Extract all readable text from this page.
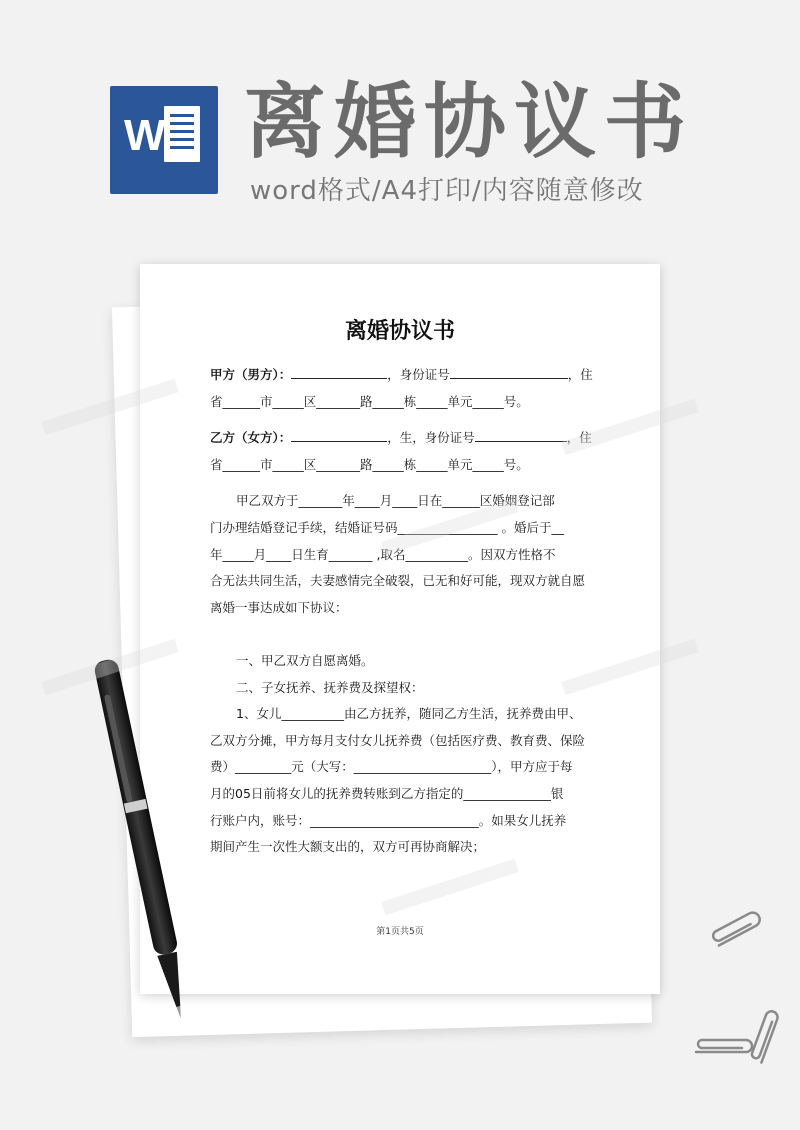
W 离婚协议书
word格式/A4打印/内容随意修改
离婚协议书
甲方（男方）：	，身份证号	，住
省______市_____区_______路_____栋_____单元_____号。
乙方（女方）：	，生，身份证号	，住
省______市_____区_______路_____栋_____单元_____号。
甲乙双方于_______年____月____日在______区婚姻登记部
门办理结婚登记手续，结婚证号码________________ 。婚后于__
年_____月____日生育_______ ,取名__________。因双方性格不
合无法共同生活，夫妻感情完全破裂，已无和好可能，现双方就自愿
离婚一事达成如下协议：
一、甲乙双方自愿离婚。
二、子女抚养、抚养费及探望权：
1、女儿__________由乙方抚养，随同乙方生活，抚养费由甲、
乙双方分摊，甲方每月支付女儿抚养费（包括医疗费、教育费、保险
费）_________元（大写：______________________），甲方应于每
月的05日前将女儿的抚养费转账到乙方指定的______________银
行账户内，账号：___________________________。如果女儿抚养
期间产生一次性大额支出的，双方可再协商解决；
第1页共5页
